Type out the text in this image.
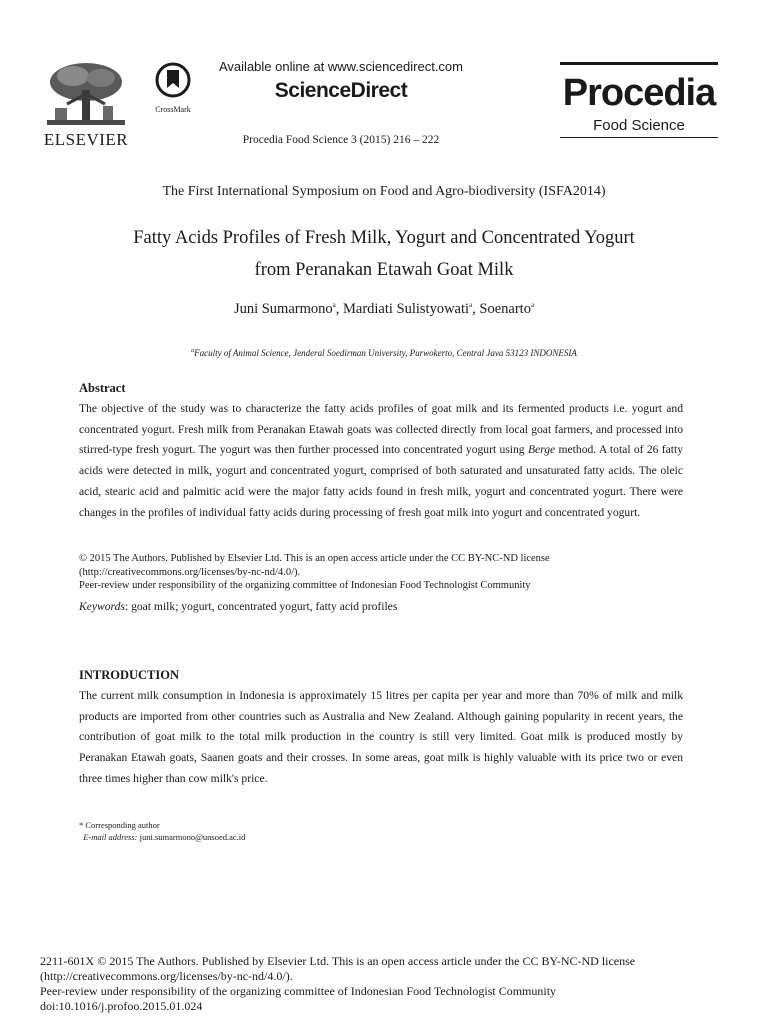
ELSEVIER
CrossMark
Available online at www.sciencedirect.com
ScienceDirect
Procedia Food Science 3 (2015) 216 – 222
Procedia
Food Science
The First International Symposium on Food and Agro-biodiversity (ISFA2014)
Fatty Acids Profiles of Fresh Milk, Yogurt and Concentrated Yogurt
from Peranakan Etawah Goat Milk
Juni Sumarmono$^a$, Mardiati Sulistyowati$^a$, Soenarto$^a$
$^a$Faculty of Animal Science, Jenderal Soedirman University, Purwokerto, Central Java 53123 INDONESIA
Abstract
The objective of the study was to characterize the fatty acids profiles of goat milk and its fermented products i.e. yogurt and concentrated yogurt. Fresh milk from Peranakan Etawah goats was collected directly from local goat farmers, and processed into stirred-type fresh yogurt. The yogurt was then further processed into concentrated yogurt using Berge method. A total of 26 fatty acids were detected in milk, yogurt and concentrated yogurt, comprised of both saturated and unsaturated fatty acids. The oleic acid, stearic acid and palmitic acid were the major fatty acids found in fresh milk, yogurt and concentrated yogurt. There were changes in the profiles of individual fatty acids during processing of fresh goat milk into yogurt and concentrated yogurt.
© 2015 The Authors. Published by Elsevier Ltd. This is an open access article under the CC BY-NC-ND license
(http://creativecommons.org/licenses/by-nc-nd/4.0/).
Peer-review under responsibility of the organizing committee of Indonesian Food Technologist Community
Keywords: goat milk; yogurt, concentrated yogurt, fatty acid profiles
INTRODUCTION
The current milk consumption in Indonesia is approximately 15 litres per capita per year and more than 70% of milk and milk products are imported from other countries such as Australia and New Zealand. Although gaining popularity in recent years, the contribution of goat milk to the total milk production in the country is still very limited. Goat milk is produced mostly by Peranakan Etawah goats, Saanen goats and their crosses. In some areas, goat milk is highly valuable with its price two or even three times higher than cow milk's price.
* Corresponding author
E-mail address: juni.sumarmono@unsoed.ac.id
2211-601X © 2015 The Authors. Published by Elsevier Ltd. This is an open access article under the CC BY-NC-ND license
(http://creativecommons.org/licenses/by-nc-nd/4.0/).
Peer-review under responsibility of the organizing committee of Indonesian Food Technologist Community
doi:10.1016/j.profoo.2015.01.024
